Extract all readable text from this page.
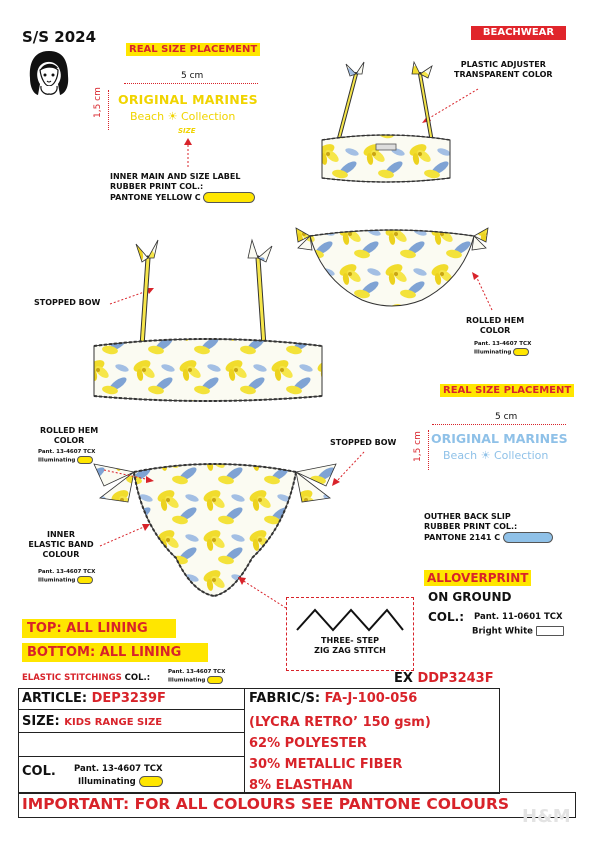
S/S 2024	BEACHWEAR
REAL SIZE PLACEMENT
5 cm
1,5 cm ORIGINAL MARINES
Beach ☀ Collection
SIZE
INNER MAIN AND SIZE LABEL
RUBBER PRINT COL.:
PANTONE YELLOW C
PLASTIC ADJUSTER
TRANSPARENT COLOR
ROLLED HEM
COLOR
Pant. 13-4607 TCX
Illuminating
STOPPED BOW
REAL SIZE PLACEMENT
5 cm
1,5 cm ORIGINAL MARINES
Beach ☀ Collection
OUTHER BACK SLIP
RUBBER PRINT COL.:
PANTONE 2141 C
ROLLED HEM
COLOR
Pant. 13-4607 TCX
Illuminating
STOPPED BOW
INNER
ELASTIC BAND
COLOUR
Pant. 13-4607 TCX
Illuminating
THREE- STEP
ZIG ZAG STITCH
ALLOVERPRINT
ON GROUND
COL.: Pant. 11-0601 TCX
Bright White
TOP: ALL LINING
BOTTOM: ALL LINING
ELASTIC STITCHINGS COL.:
Pant. 13-4607 TCX
Illuminating	EX DDP3243F
ARTICLE: DEP3239F
SIZE: KIDS RANGE SIZE
COL. Pant. 13-4607 TCX
Illuminating
FABRIC/S: FA-J-100-056
(LYCRA RETRO’ 150 gsm)
62% POLYESTER
30% METALLIC FIBER
8% ELASTHAN
IMPORTANT: FOR ALL COLOURS SEE PANTONE COLOURS
H&M
